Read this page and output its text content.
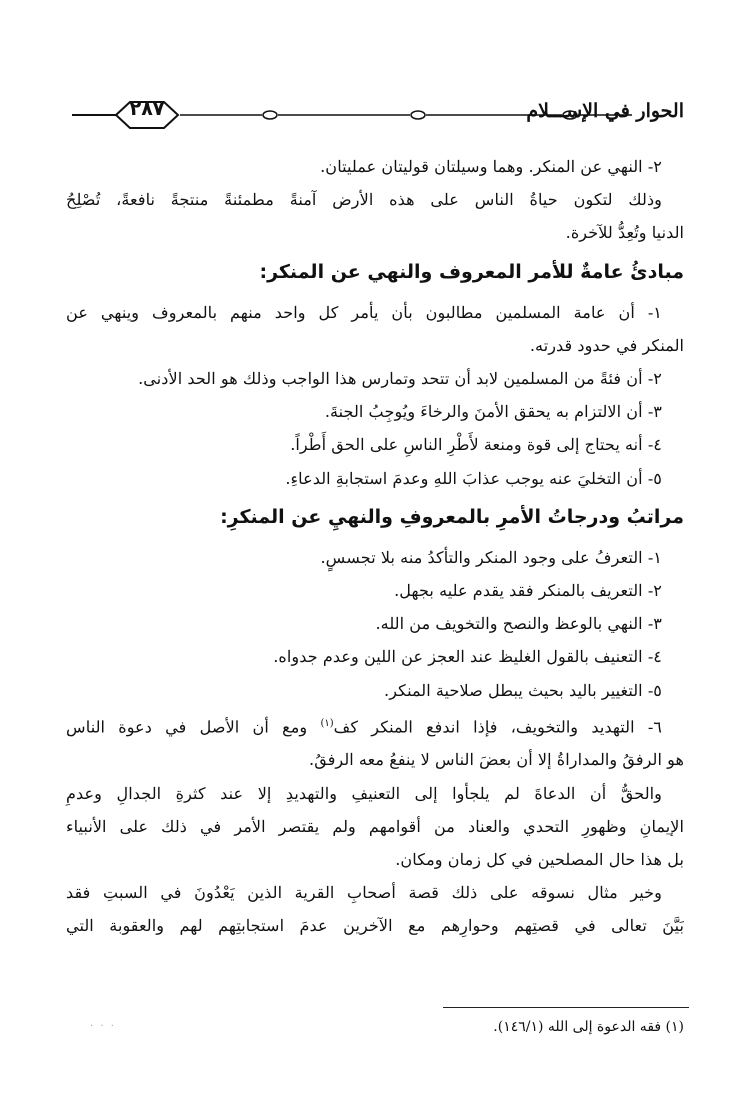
٢٨٧	الحوار في الإســـلام

٢- النهي عن المنكر. وهما وسيلتان قوليتان عمليتان.

وذلك لتكون حياةُ الناس على هذه الأرض آمنةً مطمئنةً منتجةً نافعةً، تُصْلِحُ

الدنيا وتُعِدُّ للآخرة.

مبادئُ عامةٌ للأمر المعروف والنهي عن المنكر:

١- أن عامة المسلمين مطالبون بأن يأمر كل واحد منهم بالمعروف وينهي عن

المنكر في حدود قدرته.

٢- أن فئةً من المسلمين لابد أن تتحد وتمارس هذا الواجب وذلك هو الحد الأدنى.

٣- أن الالتزام به يحقق الأمنَ والرخاءَ ويُوجِبُ الجنةَ.

٤- أنه يحتاج إلى قوة ومنعة لأَطْرِ الناسِ على الحق أَطْراً.

٥- أن التخليَ عنه يوجب عذابَ اللهِ وعدمَ استجابةِ الدعاءِ.

مراتبُ ودرجاتُ الأمرِ بالمعروفِ والنهيِ عن المنكرِ:

١- التعرفُ على وجود المنكر والتأكدُ منه بلا تجسسٍ.

٢- التعريف بالمنكر فقد يقدم عليه بجهل.

٣- النهي بالوعظ والنصح والتخويف من الله.

٤- التعنيف بالقول الغليظ عند العجز عن اللين وعدم جدواه.

٥- التغيير باليد بحيث يبطل صلاحية المنكر.

٦- التهديد والتخويف، فإذا اندفع المنكر كف$^{(١)}$ ومع أن الأصل في دعوة الناس

هو الرفقُ والمداراةُ إلا أن بعضَ الناس لا ينفعُ معه الرفقُ.

والحقُّ أن الدعاةَ لم يلجأوا إلى التعنيفِ والتهديدِ إلا عند كثرةِ الجدالِ وعدمِ

الإيمانِ وظهورِ التحدي والعناد من أقوامهم ولم يقتصر الأمر في ذلك على الأنبياء

بل هذا حال المصلحين في كل زمان ومكان.

وخير مثال نسوقه على ذلك قصة أصحابِ القرية الذين يَعْدُونَ في السبتِ فقد

بَيَّنَ تعالى في قصتِهم وحوارِهم مع الآخرين عدمَ استجابتِهم لهم والعقوبة التي

(١) فقه الدعوة إلى الله (١٤٦/١).
· · ·
